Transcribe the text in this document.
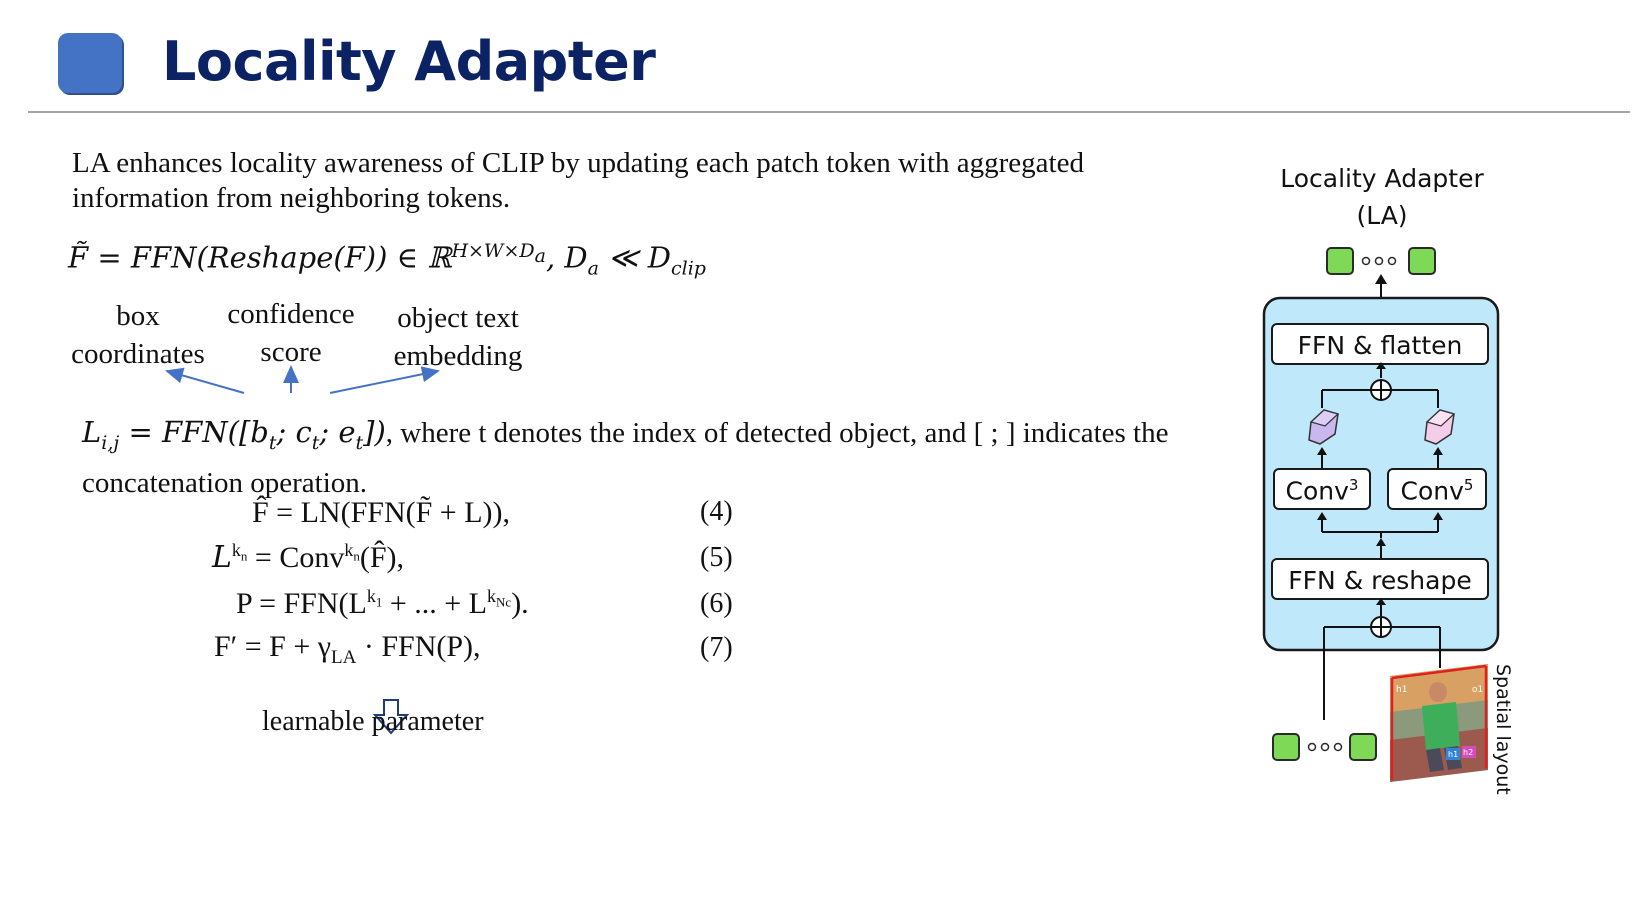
Locality Adapter
LA enhances locality awareness of CLIP by updating each patch token with aggregated information from neighboring tokens.
F̃ = FFN(Reshape(F)) ∈ ℝ$^{H\times W\times D_a}$, $D_a$ ≪ $D_{clip}$
box
coordinates
confidence
score
object text
embedding
$L_{i,j} = FFN([b_t$; $c_t$; $e_t$]), where t denotes the index of detected object, and [ ; ] indicates the concatenation operation.
F̂ = LN(FFN(F̃ + L)),	(4)
$L^{k_n}$ = Conv$^{k_n}$(F̂),	(5)
$P = FFN(L^{k_1}$ + ... + $L^{k_{Nc}}$).	(6)
$F' = F + \gamma_{LA} \cdot FFN(P)$,	(7)
learnable parameter
Locality Adapter
(LA)
h1	o1
h1 h2
FFN & flatten
Conv$^3$	Conv$^5$
FFN & reshape
Spatial layout
